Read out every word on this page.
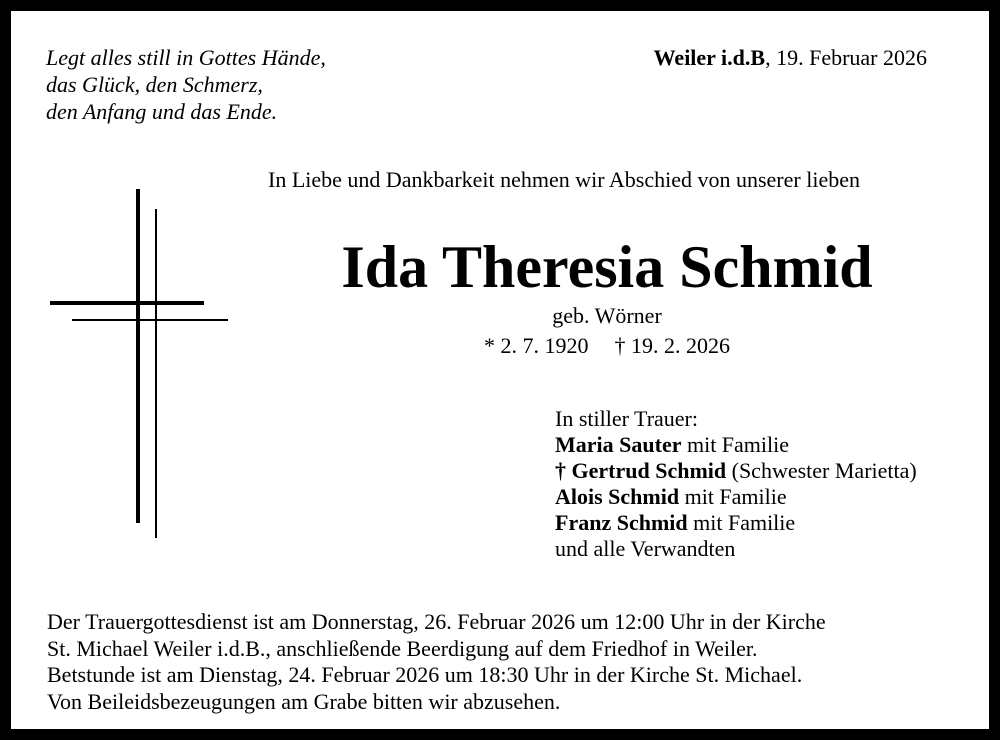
Legt alles still in Gottes Hände,
das Glück, den Schmerz,
den Anfang und das Ende.
Weiler i.d.B, 19. Februar 2026
In Liebe und Dankbarkeit nehmen wir Abschied von unserer lieben
Ida Theresia Schmid
geb. Wörner
* 2. 7. 1920 † 19. 2. 2026
In stiller Trauer:
Maria Sauter mit Familie
† Gertrud Schmid (Schwester Marietta)
Alois Schmid mit Familie
Franz Schmid mit Familie
und alle Verwandten
Der Trauergottesdienst ist am Donnerstag, 26. Februar 2026 um 12:00 Uhr in der Kirche
St. Michael Weiler i.d.B., anschließende Beerdigung auf dem Friedhof in Weiler.
Betstunde ist am Dienstag, 24. Februar 2026 um 18:30 Uhr in der Kirche St. Michael.
Von Beileidsbezeugungen am Grabe bitten wir abzusehen.
